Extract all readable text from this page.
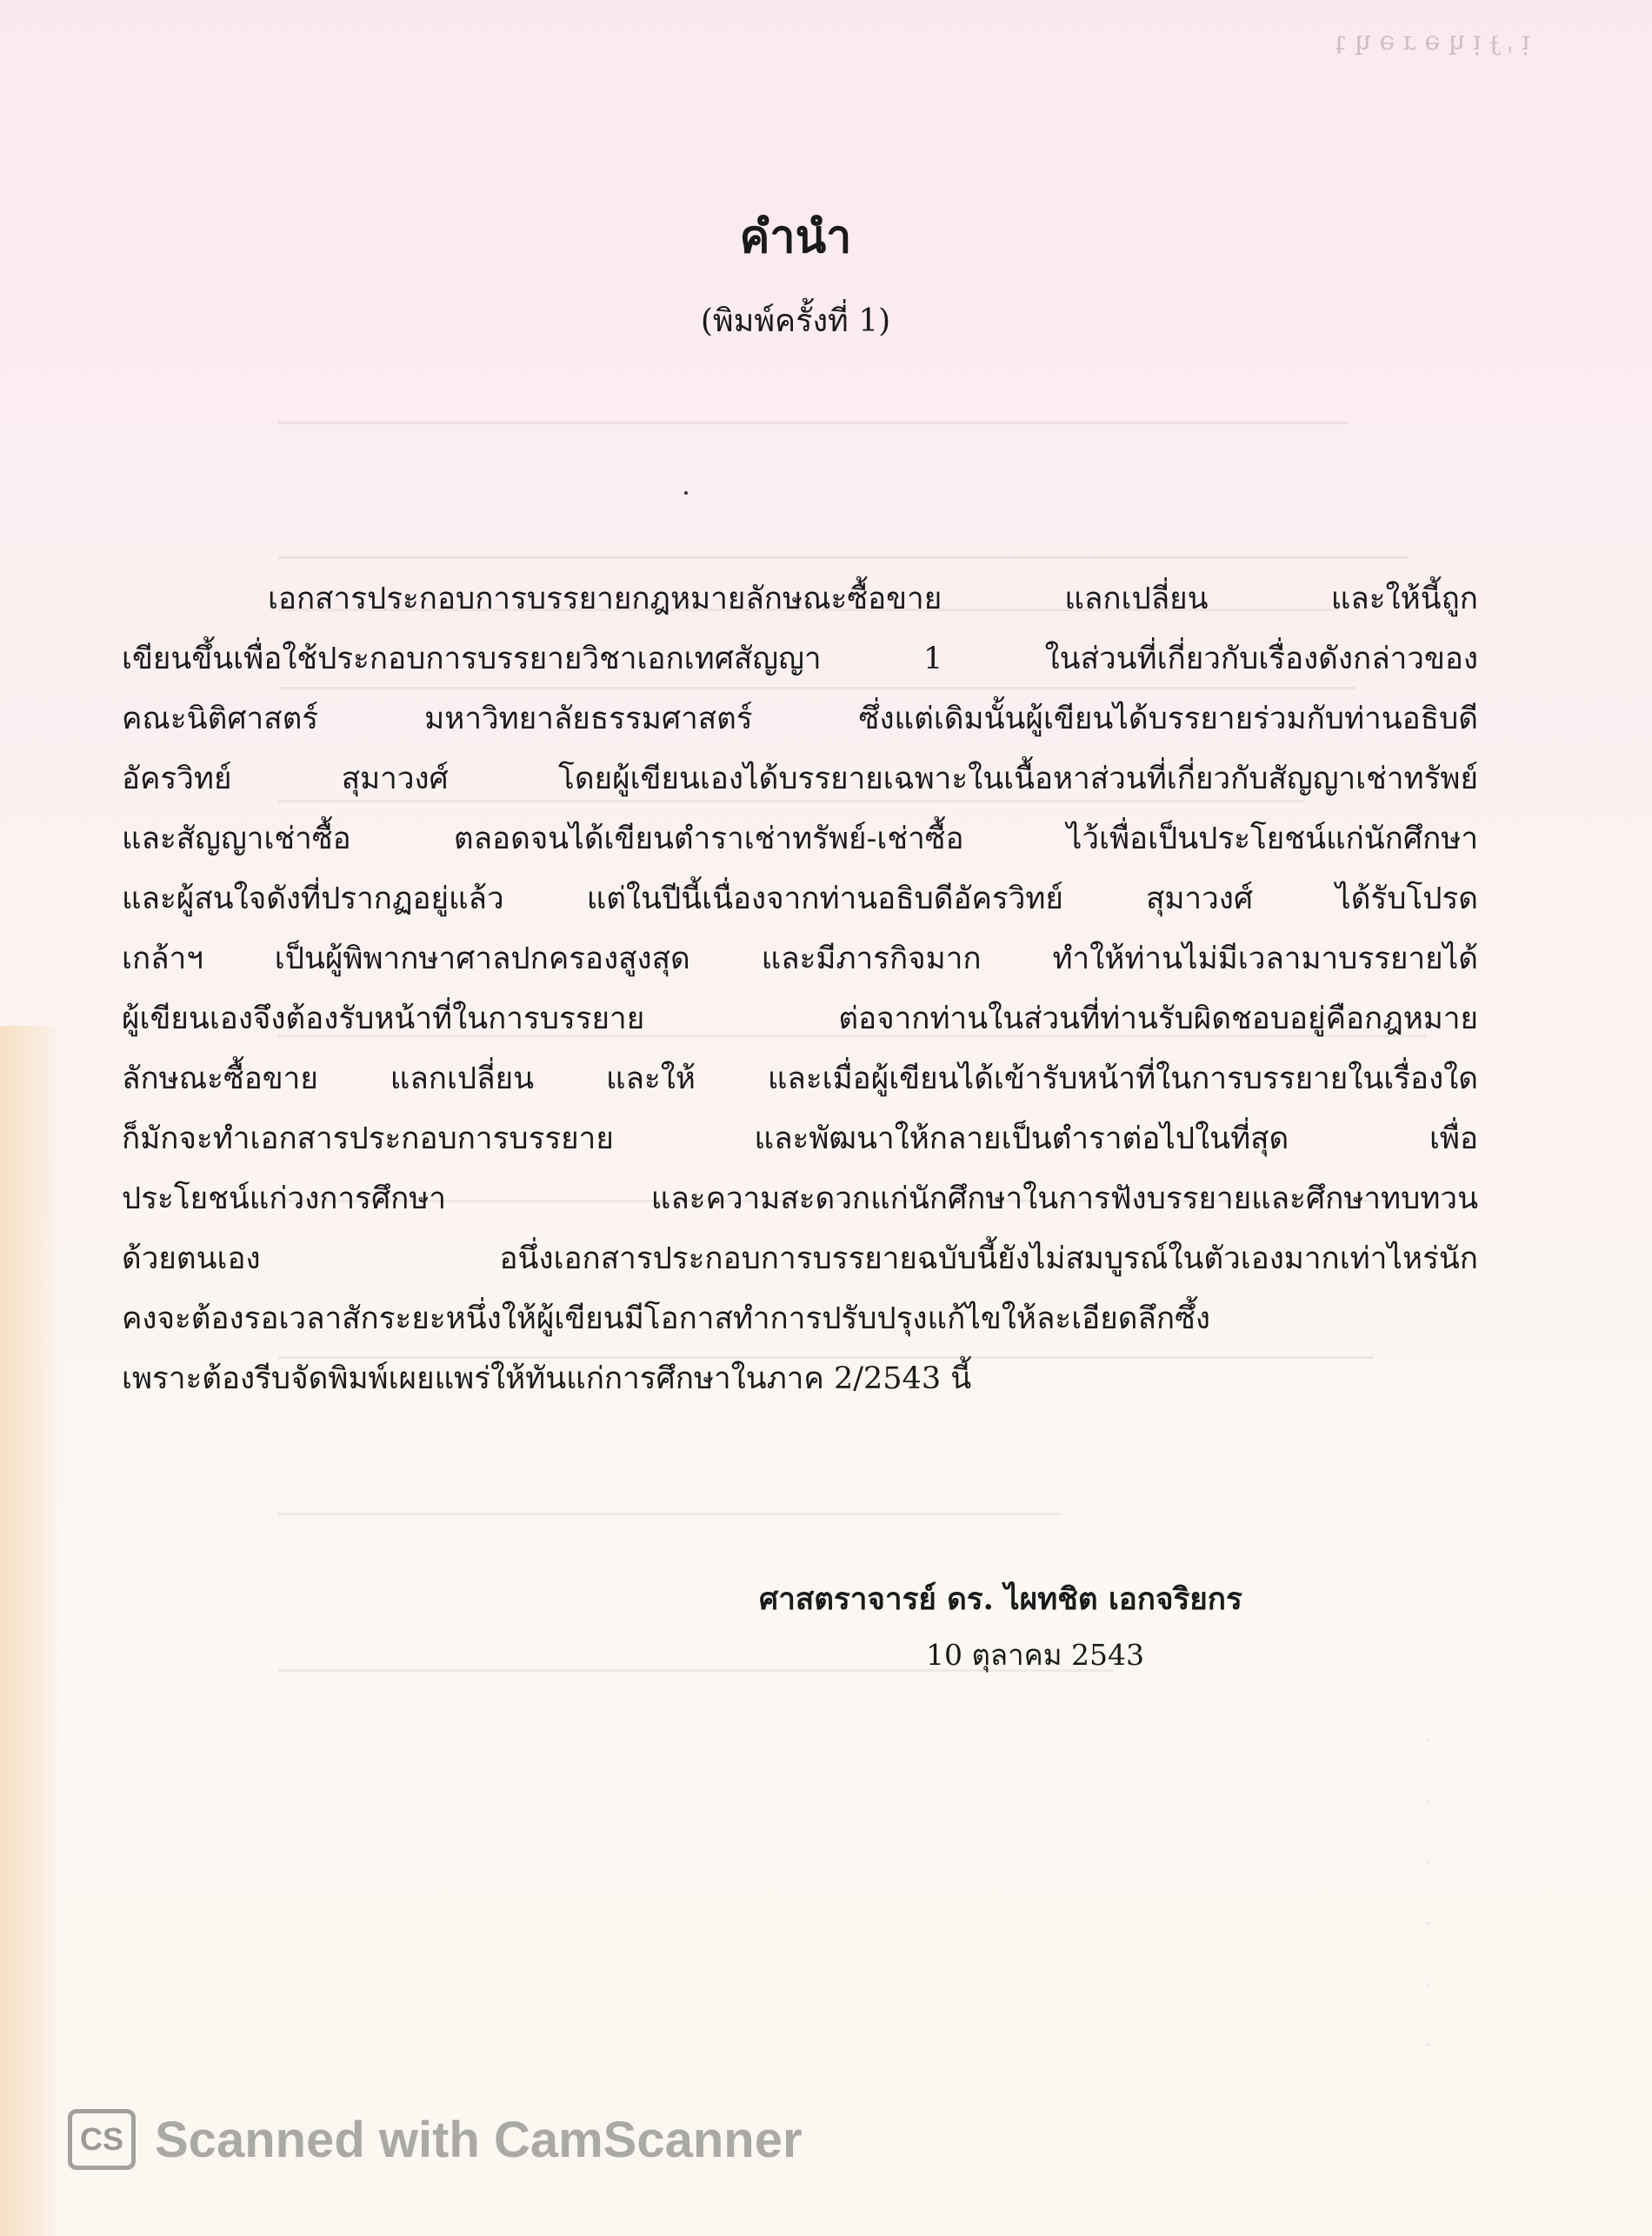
ᴉ ˌ ɟ ᴉ ɥ ǝ ɹ ǝ ɥ ʇ
·
·
·
·
·
·
คำนำ

(พิมพ์ครั้งที่ 1)

เอกสารประกอบการบรรยายกฎหมายลักษณะซื้อขาย แลกเปลี่ยน และให้นี้ถูก
เขียนขึ้นเพื่อใช้ประกอบการบรรยายวิชาเอกเทศสัญญา 1 ในส่วนที่เกี่ยวกับเรื่องดังกล่าวของ
คณะนิติศาสตร์ มหาวิทยาลัยธรรมศาสตร์ ซึ่งแต่เดิมนั้นผู้เขียนได้บรรยายร่วมกับท่านอธิบดี
อัครวิทย์ สุมาวงศ์ โดยผู้เขียนเองได้บรรยายเฉพาะในเนื้อหาส่วนที่เกี่ยวกับสัญญาเช่าทรัพย์
และสัญญาเช่าซื้อ ตลอดจนได้เขียนตำราเช่าทรัพย์-เช่าซื้อ ไว้เพื่อเป็นประโยชน์แก่นักศึกษา
และผู้สนใจดังที่ปรากฏอยู่แล้ว แต่ในปีนี้เนื่องจากท่านอธิบดีอัครวิทย์ สุมาวงศ์ ได้รับโปรด
เกล้าฯ เป็นผู้พิพากษาศาลปกครองสูงสุด และมีภารกิจมาก ทำให้ท่านไม่มีเวลามาบรรยายได้
ผู้เขียนเองจึงต้องรับหน้าที่ในการบรรยาย ต่อจากท่านในส่วนที่ท่านรับผิดชอบอยู่คือกฎหมาย
ลักษณะซื้อขาย แลกเปลี่ยน และให้ และเมื่อผู้เขียนได้เข้ารับหน้าที่ในการบรรยายในเรื่องใด
ก็มักจะทำเอกสารประกอบการบรรยาย และพัฒนาให้กลายเป็นตำราต่อไปในที่สุด เพื่อ
ประโยชน์แก่วงการศึกษา และความสะดวกแก่นักศึกษาในการฟังบรรยายและศึกษาทบทวน
ด้วยตนเอง อนึ่งเอกสารประกอบการบรรยายฉบับนี้ยังไม่สมบูรณ์ในตัวเองมากเท่าไหร่นัก
คงจะต้องรอเวลาสักระยะหนึ่งให้ผู้เขียนมีโอกาสทำการปรับปรุงแก้ไขให้ละเอียดลึกซึ้ง
เพราะต้องรีบจัดพิมพ์เผยแพร่ให้ทันแก่การศึกษาในภาค 2/2543 นี้

ศาสตราจารย์ ดร. ไผทชิต เอกจริยกร

10 ตุลาคม 2543

CS Scanned with CamScanner
